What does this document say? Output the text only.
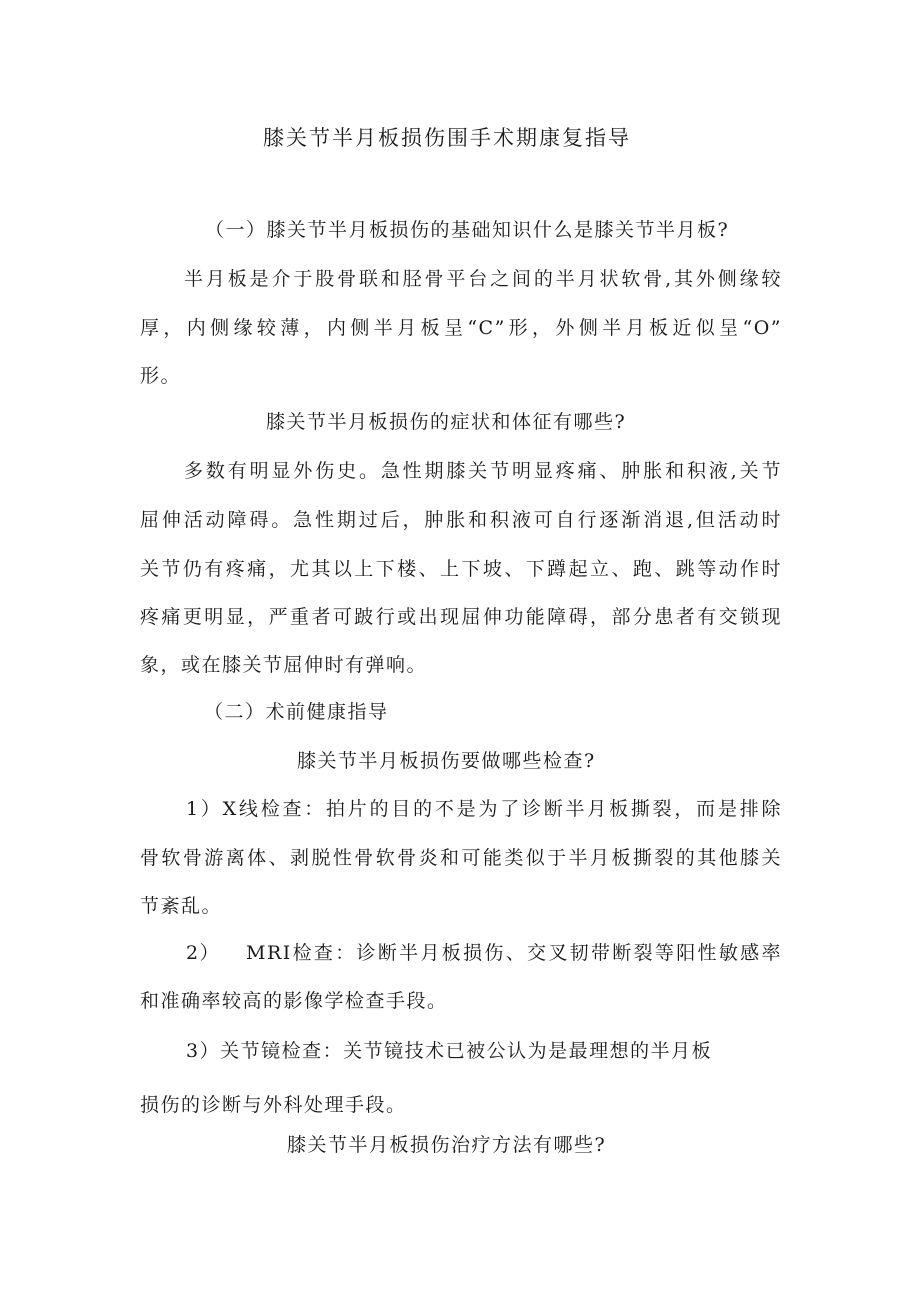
膝关节半月板损伤围手术期康复指导
（一）膝关节半月板损伤的基础知识什么是膝关节半月板?
半月板是介于股骨联和胫骨平台之间的半月状软骨,其外侧缘较
厚，内侧缘较薄，内侧半月板呈“C”形，外侧半月板近似呈“O”
形。
膝关节半月板损伤的症状和体征有哪些?
多数有明显外伤史。急性期膝关节明显疼痛、肿胀和积液,关节
屈伸活动障碍。急性期过后，肿胀和积液可自行逐渐消退,但活动时
关节仍有疼痛，尤其以上下楼、上下坡、下蹲起立、跑、跳等动作时
疼痛更明显，严重者可跛行或出现屈伸功能障碍，部分患者有交锁现
象，或在膝关节屈伸时有弹响。
（二）术前健康指导
膝关节半月板损伤要做哪些检查?
1）X线检查：拍片的目的不是为了诊断半月板撕裂，而是排除
骨软骨游离体、剥脱性骨软骨炎和可能类似于半月板撕裂的其他膝关
节紊乱。
2） MRI检查：诊断半月板损伤、交叉韧带断裂等阳性敏感率
和准确率较高的影像学检查手段。
3）关节镜检查：关节镜技术已被公认为是最理想的半月板
损伤的诊断与外科处理手段。
膝关节半月板损伤治疗方法有哪些?
